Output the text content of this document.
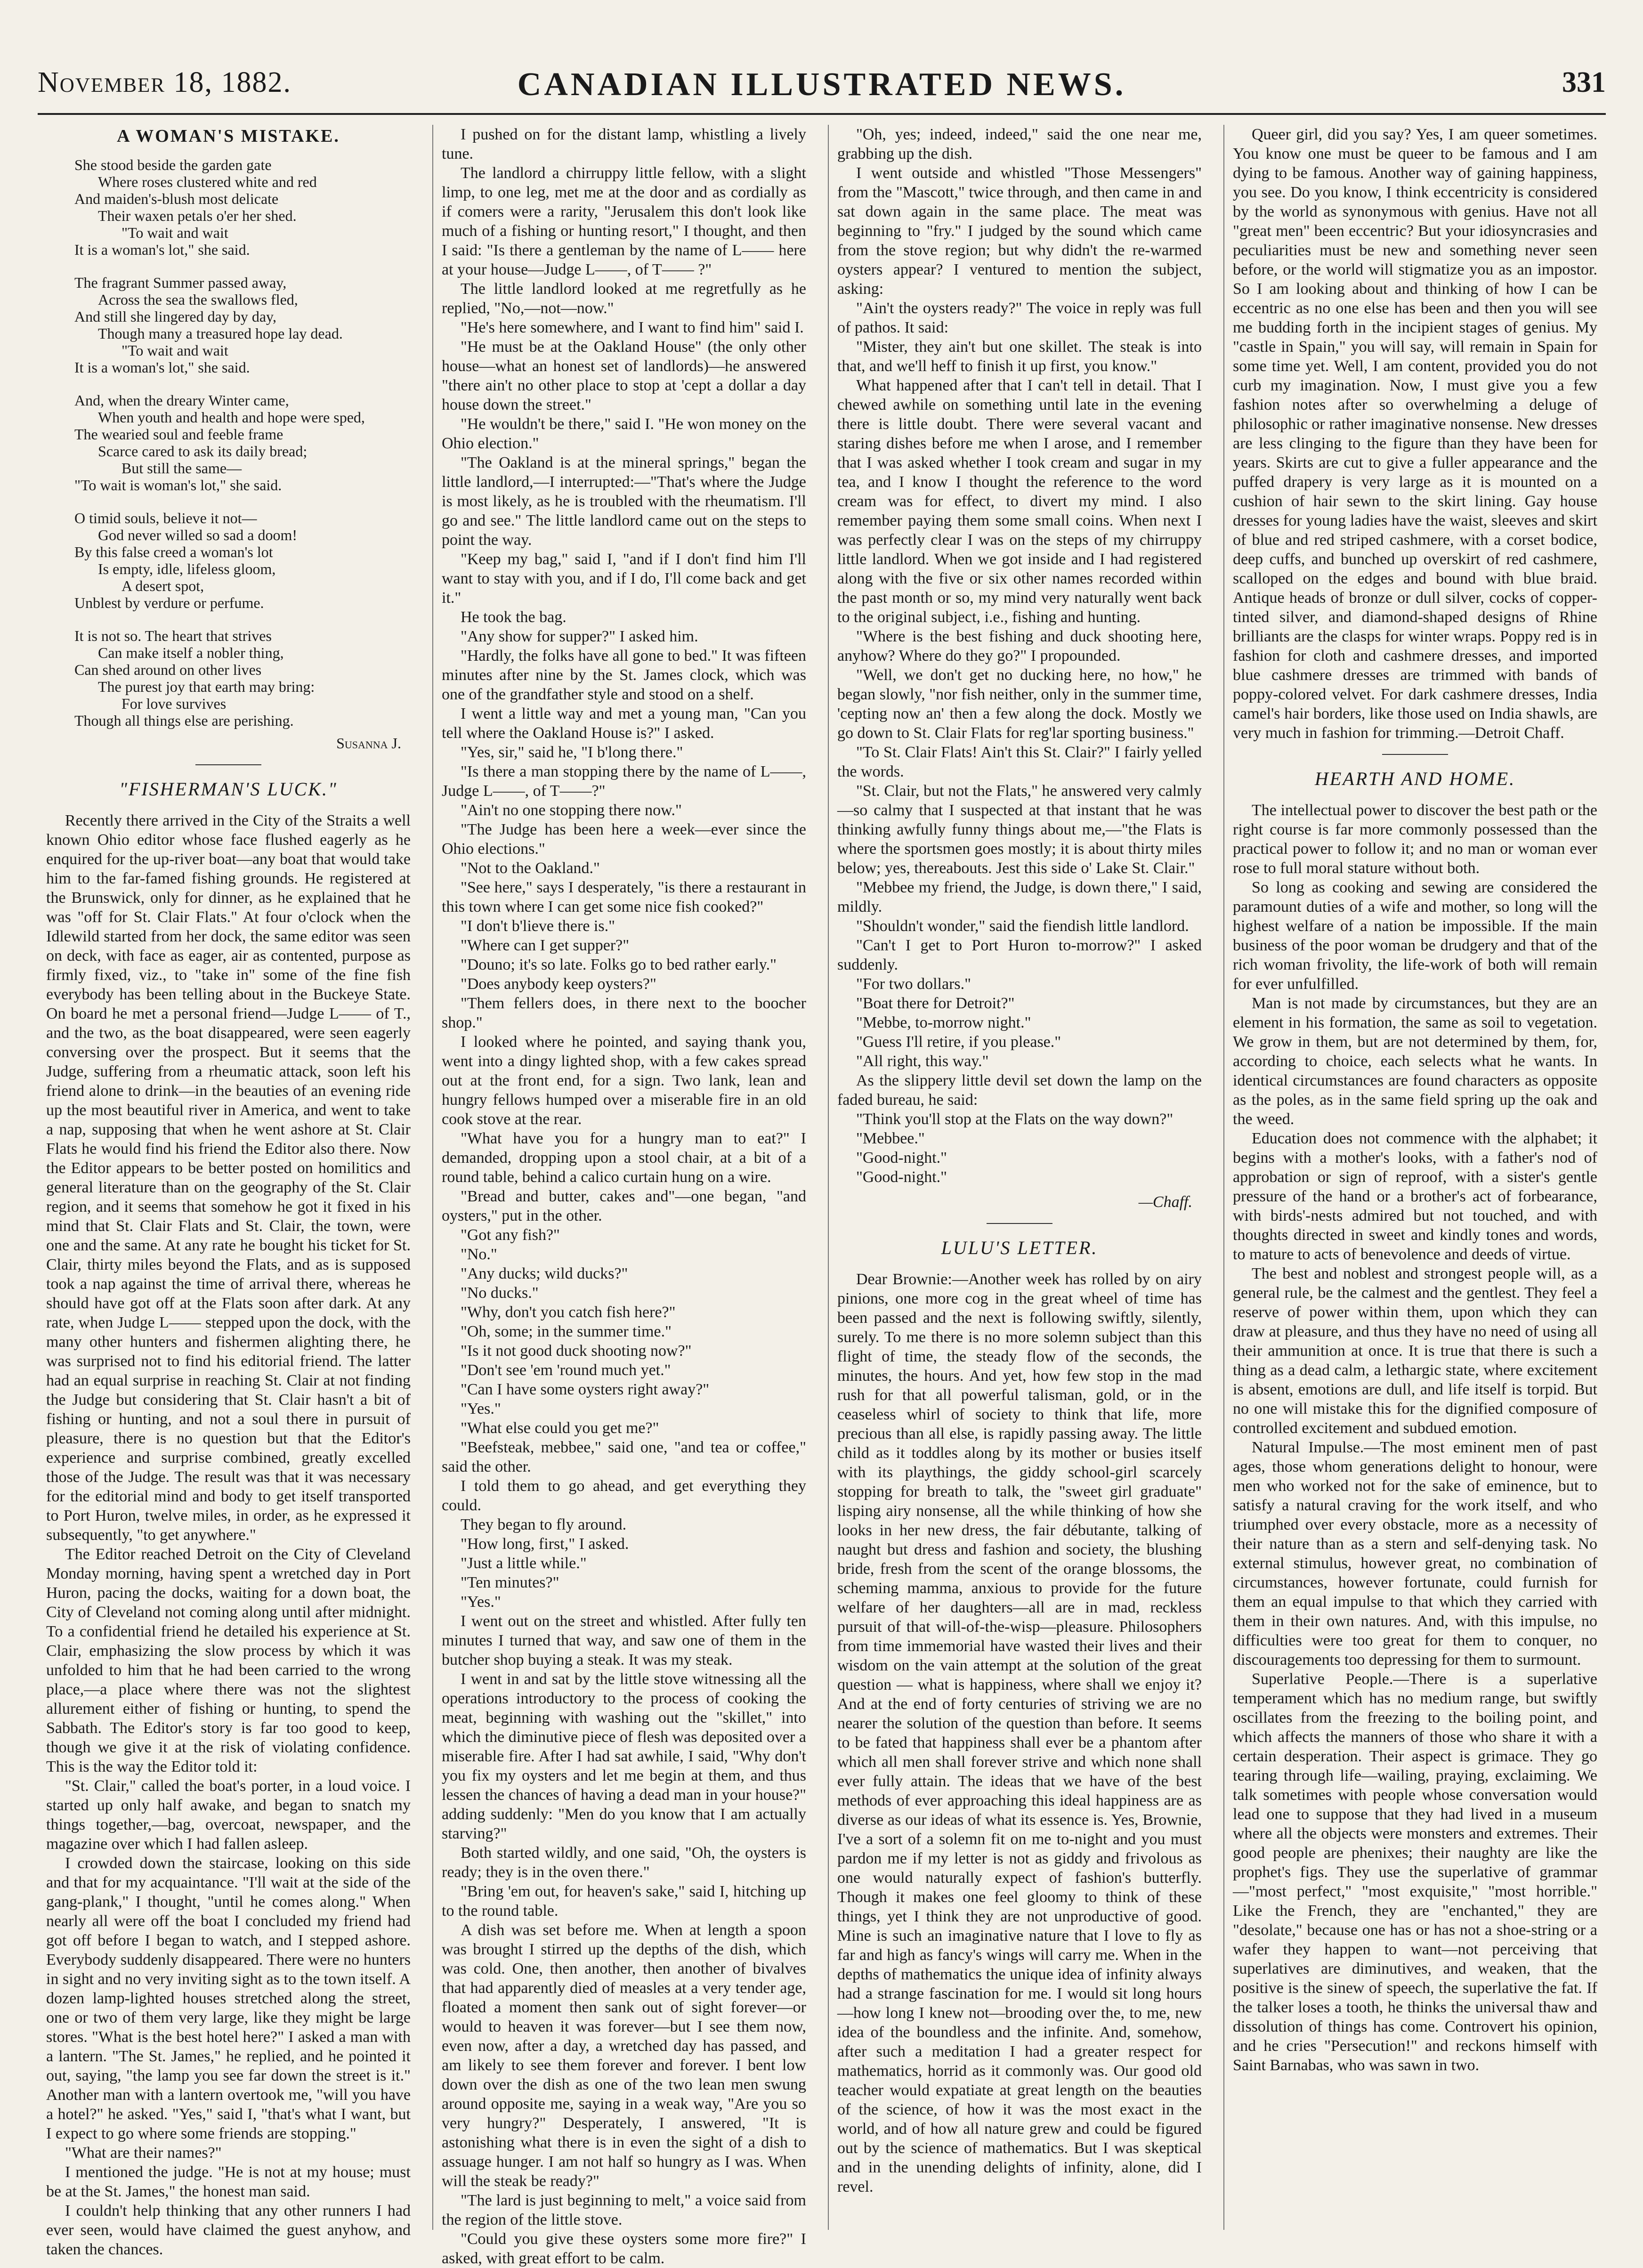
November 18, 1882.	CANADIAN ILLUSTRATED NEWS.	331
A WOMAN'S MISTAKE.
She stood beside the garden gate
Where roses clustered white and red
And maiden's-blush most delicate
Their waxen petals o'er her shed.
"To wait and wait
It is a woman's lot," she said.
The fragrant Summer passed away,
Across the sea the swallows fled,
And still she lingered day by day,
Though many a treasured hope lay dead.
"To wait and wait
It is a woman's lot," she said.
And, when the dreary Winter came,
When youth and health and hope were sped,
The wearied soul and feeble frame
Scarce cared to ask its daily bread;
But still the same—
"To wait is woman's lot," she said.
O timid souls, believe it not—
God never willed so sad a doom!
By this false creed a woman's lot
Is empty, idle, lifeless gloom,
A desert spot,
Unblest by verdure or perfume.
It is not so. The heart that strives
Can make itself a nobler thing,
Can shed around on other lives
The purest joy that earth may bring:
For love survives
Though all things else are perishing.
Susanna J.
"FISHERMAN'S LUCK."

Recently there arrived in the City of the Straits a well known Ohio editor whose face flushed eagerly as he enquired for the up-river boat—any boat that would take him to the far-famed fishing grounds. He registered at the Brunswick, only for dinner, as he explained that he was "off for St. Clair Flats." At four o'clock when the Idlewild started from her dock, the same editor was seen on deck, with face as eager, air as contented, purpose as firmly fixed, viz., to "take in" some of the fine fish everybody has been telling about in the Buckeye State. On board he met a personal friend—Judge L—— of T., and the two, as the boat disappeared, were seen eagerly conversing over the prospect. But it seems that the Judge, suffering from a rheumatic attack, soon left his friend alone to drink—in the beauties of an evening ride up the most beautiful river in America, and went to take a nap, supposing that when he went ashore at St. Clair Flats he would find his friend the Editor also there. Now the Editor appears to be better posted on homilitics and general literature than on the geography of the St. Clair region, and it seems that somehow he got it fixed in his mind that St. Clair Flats and St. Clair, the town, were one and the same. At any rate he bought his ticket for St. Clair, thirty miles beyond the Flats, and as is supposed took a nap against the time of arrival there, whereas he should have got off at the Flats soon after dark. At any rate, when Judge L—— stepped upon the dock, with the many other hunters and fishermen alighting there, he was surprised not to find his editorial friend. The latter had an equal surprise in reaching St. Clair at not finding the Judge but considering that St. Clair hasn't a bit of fishing or hunting, and not a soul there in pursuit of pleasure, there is no question but that the Editor's experience and surprise combined, greatly excelled those of the Judge. The result was that it was necessary for the editorial mind and body to get itself transported to Port Huron, twelve miles, in order, as he expressed it subsequently, "to get anywhere."

The Editor reached Detroit on the City of Cleveland Monday morning, having spent a wretched day in Port Huron, pacing the docks, waiting for a down boat, the City of Cleveland not coming along until after midnight. To a confidential friend he detailed his experience at St. Clair, emphasizing the slow process by which it was unfolded to him that he had been carried to the wrong place,—a place where there was not the slightest allurement either of fishing or hunting, to spend the Sabbath. The Editor's story is far too good to keep, though we give it at the risk of violating confidence. This is the way the Editor told it:

"St. Clair," called the boat's porter, in a loud voice. I started up only half awake, and began to snatch my things together,—bag, overcoat, newspaper, and the magazine over which I had fallen asleep.

I crowded down the staircase, looking on this side and that for my acquaintance. "I'll wait at the side of the gang-plank," I thought, "until he comes along." When nearly all were off the boat I concluded my friend had got off before I began to watch, and I stepped ashore. Everybody suddenly disappeared. There were no hunters in sight and no very inviting sight as to the town itself. A dozen lamp-lighted houses stretched along the street, one or two of them very large, like they might be large stores. "What is the best hotel here?" I asked a man with a lantern. "The St. James," he replied, and he pointed it out, saying, "the lamp you see far down the street is it." Another man with a lantern overtook me, "will you have a hotel?" he asked. "Yes," said I, "that's what I want, but I expect to go where some friends are stopping."

"What are their names?"

I mentioned the judge. "He is not at my house; must be at the St. James," the honest man said.

I couldn't help thinking that any other runners I had ever seen, would have claimed the guest anyhow, and taken the chances.

I pushed on for the distant lamp, whistling a lively tune.

The landlord a chirruppy little fellow, with a slight limp, to one leg, met me at the door and as cordially as if comers were a rarity, "Jerusalem this don't look like much of a fishing or hunting resort," I thought, and then I said: "Is there a gentleman by the name of L—— here at your house—Judge L——, of T—— ?"

The little landlord looked at me regretfully as he replied, "No,—not—now."

"He's here somewhere, and I want to find him" said I.

"He must be at the Oakland House" (the only other house—what an honest set of landlords)—he answered "there ain't no other place to stop at 'cept a dollar a day house down the street."

"He wouldn't be there," said I. "He won money on the Ohio election."

"The Oakland is at the mineral springs," began the little landlord,—I interrupted:—"That's where the Judge is most likely, as he is troubled with the rheumatism. I'll go and see." The little landlord came out on the steps to point the way.

"Keep my bag," said I, "and if I don't find him I'll want to stay with you, and if I do, I'll come back and get it."

He took the bag.

"Any show for supper?" I asked him.

"Hardly, the folks have all gone to bed." It was fifteen minutes after nine by the St. James clock, which was one of the grandfather style and stood on a shelf.

I went a little way and met a young man, "Can you tell where the Oakland House is?" I asked.

"Yes, sir," said he, "I b'long there."

"Is there a man stopping there by the name of L——, Judge L——, of T——?"

"Ain't no one stopping there now."

"The Judge has been here a week—ever since the Ohio elections."

"Not to the Oakland."

"See here," says I desperately, "is there a restaurant in this town where I can get some nice fish cooked?"

"I don't b'lieve there is."

"Where can I get supper?"

"Douno; it's so late. Folks go to bed rather early."

"Does anybody keep oysters?"

"Them fellers does, in there next to the boocher shop."

I looked where he pointed, and saying thank you, went into a dingy lighted shop, with a few cakes spread out at the front end, for a sign. Two lank, lean and hungry fellows humped over a miserable fire in an old cook stove at the rear.

"What have you for a hungry man to eat?" I demanded, dropping upon a stool chair, at a bit of a round table, behind a calico curtain hung on a wire.

"Bread and butter, cakes and"—one began, "and oysters," put in the other.

"Got any fish?"

"No."

"Any ducks; wild ducks?"

"No ducks."

"Why, don't you catch fish here?"

"Oh, some; in the summer time."

"Is it not good duck shooting now?"

"Don't see 'em 'round much yet."

"Can I have some oysters right away?"

"Yes."

"What else could you get me?"

"Beefsteak, mebbee," said one, "and tea or coffee," said the other.

I told them to go ahead, and get everything they could.

They began to fly around.

"How long, first," I asked.

"Just a little while."

"Ten minutes?"

"Yes."

I went out on the street and whistled. After fully ten minutes I turned that way, and saw one of them in the butcher shop buying a steak. It was my steak.

I went in and sat by the little stove witnessing all the operations introductory to the process of cooking the meat, beginning with washing out the "skillet," into which the diminutive piece of flesh was deposited over a miserable fire. After I had sat awhile, I said, "Why don't you fix my oysters and let me begin at them, and thus lessen the chances of having a dead man in your house?" adding suddenly: "Men do you know that I am actually starving?"

Both started wildly, and one said, "Oh, the oysters is ready; they is in the oven there."

"Bring 'em out, for heaven's sake," said I, hitching up to the round table.

A dish was set before me. When at length a spoon was brought I stirred up the depths of the dish, which was cold. One, then another, then another of bivalves that had apparently died of measles at a very tender age, floated a moment then sank out of sight forever—or would to heaven it was forever—but I see them now, even now, after a day, a wretched day has passed, and am likely to see them forever and forever. I bent low down over the dish as one of the two lean men swung around opposite me, saying in a weak way, "Are you so very hungry?" Desperately, I answered, "It is astonishing what there is in even the sight of a dish to assuage hunger. I am not half so hungry as I was. When will the steak be ready?"

"The lard is just beginning to melt," a voice said from the region of the little stove.

"Could you give these oysters some more fire?" I asked, with great effort to be calm.

"Oh, yes; indeed, indeed," said the one near me, grabbing up the dish.

I went outside and whistled "Those Messengers" from the "Mascott," twice through, and then came in and sat down again in the same place. The meat was beginning to "fry." I judged by the sound which came from the stove region; but why didn't the re-warmed oysters appear? I ventured to mention the subject, asking:

"Ain't the oysters ready?" The voice in reply was full of pathos. It said:

"Mister, they ain't but one skillet. The steak is into that, and we'll heff to finish it up first, you know."

What happened after that I can't tell in detail. That I chewed awhile on something until late in the evening there is little doubt. There were several vacant and staring dishes before me when I arose, and I remember that I was asked whether I took cream and sugar in my tea, and I know I thought the reference to the word cream was for effect, to divert my mind. I also remember paying them some small coins. When next I was perfectly clear I was on the steps of my chirruppy little landlord. When we got inside and I had registered along with the five or six other names recorded within the past month or so, my mind very naturally went back to the original subject, i.e., fishing and hunting.

"Where is the best fishing and duck shooting here, anyhow? Where do they go?" I propounded.

"Well, we don't get no ducking here, no how," he began slowly, "nor fish neither, only in the summer time, 'cepting now an' then a few along the dock. Mostly we go down to St. Clair Flats for reg'lar sporting business."

"To St. Clair Flats! Ain't this St. Clair?" I fairly yelled the words.

"St. Clair, but not the Flats," he answered very calmly—so calmy that I suspected at that instant that he was thinking awfully funny things about me,—"the Flats is where the sportsmen goes mostly; it is about thirty miles below; yes, thereabouts. Jest this side o' Lake St. Clair."

"Mebbee my friend, the Judge, is down there," I said, mildly.

"Shouldn't wonder," said the fiendish little landlord.

"Can't I get to Port Huron to-morrow?" I asked suddenly.

"For two dollars."

"Boat there for Detroit?"

"Mebbe, to-morrow night."

"Guess I'll retire, if you please."

"All right, this way."

As the slippery little devil set down the lamp on the faded bureau, he said:

"Think you'll stop at the Flats on the way down?"

"Mebbee."

"Good-night."

"Good-night."

—Chaff.
LULU'S LETTER.

Dear Brownie:—Another week has rolled by on airy pinions, one more cog in the great wheel of time has been passed and the next is following swiftly, silently, surely. To me there is no more solemn subject than this flight of time, the steady flow of the seconds, the minutes, the hours. And yet, how few stop in the mad rush for that all powerful talisman, gold, or in the ceaseless whirl of society to think that life, more precious than all else, is rapidly passing away. The little child as it toddles along by its mother or busies itself with its playthings, the giddy school-girl scarcely stopping for breath to talk, the "sweet girl graduate" lisping airy nonsense, all the while thinking of how she looks in her new dress, the fair débutante, talking of naught but dress and fashion and society, the blushing bride, fresh from the scent of the orange blossoms, the scheming mamma, anxious to provide for the future welfare of her daughters—all are in mad, reckless pursuit of that will-of-the-wisp—pleasure. Philosophers from time immemorial have wasted their lives and their wisdom on the vain attempt at the solution of the great question — what is happiness, where shall we enjoy it? And at the end of forty centuries of striving we are no nearer the solution of the question than before. It seems to be fated that happiness shall ever be a phantom after which all men shall forever strive and which none shall ever fully attain. The ideas that we have of the best methods of ever approaching this ideal happiness are as diverse as our ideas of what its essence is. Yes, Brownie, I've a sort of a solemn fit on me to-night and you must pardon me if my letter is not as giddy and frivolous as one would naturally expect of fashion's butterfly. Though it makes one feel gloomy to think of these things, yet I think they are not unproductive of good. Mine is such an imaginative nature that I love to fly as far and high as fancy's wings will carry me. When in the depths of mathematics the unique idea of infinity always had a strange fascination for me. I would sit long hours—how long I knew not—brooding over the, to me, new idea of the boundless and the infinite. And, somehow, after such a meditation I had a greater respect for mathematics, horrid as it commonly was. Our good old teacher would expatiate at great length on the beauties of the science, of how it was the most exact in the world, and of how all nature grew and could be figured out by the science of mathematics. But I was skeptical and in the unending delights of infinity, alone, did I revel.

Queer girl, did you say? Yes, I am queer sometimes. You know one must be queer to be famous and I am dying to be famous. Another way of gaining happiness, you see. Do you know, I think eccentricity is considered by the world as synonymous with genius. Have not all "great men" been eccentric? But your idiosyncrasies and peculiarities must be new and something never seen before, or the world will stigmatize you as an impostor. So I am looking about and thinking of how I can be eccentric as no one else has been and then you will see me budding forth in the incipient stages of genius. My "castle in Spain," you will say, will remain in Spain for some time yet. Well, I am content, provided you do not curb my imagination. Now, I must give you a few fashion notes after so overwhelming a deluge of philosophic or rather imaginative nonsense. New dresses are less clinging to the figure than they have been for years. Skirts are cut to give a fuller appearance and the puffed drapery is very large as it is mounted on a cushion of hair sewn to the skirt lining. Gay house dresses for young ladies have the waist, sleeves and skirt of blue and red striped cashmere, with a corset bodice, deep cuffs, and bunched up overskirt of red cashmere, scalloped on the edges and bound with blue braid. Antique heads of bronze or dull silver, cocks of copper-tinted silver, and diamond-shaped designs of Rhine brilliants are the clasps for winter wraps. Poppy red is in fashion for cloth and cashmere dresses, and imported blue cashmere dresses are trimmed with bands of poppy-colored velvet. For dark cashmere dresses, India camel's hair borders, like those used on India shawls, are very much in fashion for trimming.—Detroit Chaff.

HEARTH AND HOME.

The intellectual power to discover the best path or the right course is far more commonly possessed than the practical power to follow it; and no man or woman ever rose to full moral stature without both.

So long as cooking and sewing are considered the paramount duties of a wife and mother, so long will the highest welfare of a nation be impossible. If the main business of the poor woman be drudgery and that of the rich woman frivolity, the life-work of both will remain for ever unfulfilled.

Man is not made by circumstances, but they are an element in his formation, the same as soil to vegetation. We grow in them, but are not determined by them, for, according to choice, each selects what he wants. In identical circumstances are found characters as opposite as the poles, as in the same field spring up the oak and the weed.

Education does not commence with the alphabet; it begins with a mother's looks, with a father's nod of approbation or sign of reproof, with a sister's gentle pressure of the hand or a brother's act of forbearance, with birds'-nests admired but not touched, and with thoughts directed in sweet and kindly tones and words, to mature to acts of benevolence and deeds of virtue.

The best and noblest and strongest people will, as a general rule, be the calmest and the gentlest. They feel a reserve of power within them, upon which they can draw at pleasure, and thus they have no need of using all their ammunition at once. It is true that there is such a thing as a dead calm, a lethargic state, where excitement is absent, emotions are dull, and life itself is torpid. But no one will mistake this for the dignified composure of controlled excitement and subdued emotion.

Natural Impulse.—The most eminent men of past ages, those whom generations delight to honour, were men who worked not for the sake of eminence, but to satisfy a natural craving for the work itself, and who triumphed over every obstacle, more as a necessity of their nature than as a stern and self-denying task. No external stimulus, however great, no combination of circumstances, however fortunate, could furnish for them an equal impulse to that which they carried with them in their own natures. And, with this impulse, no difficulties were too great for them to conquer, no discouragements too depressing for them to surmount.

Superlative People.—There is a superlative temperament which has no medium range, but swiftly oscillates from the freezing to the boiling point, and which affects the manners of those who share it with a certain desperation. Their aspect is grimace. They go tearing through life—wailing, praying, exclaiming. We talk sometimes with people whose conversation would lead one to suppose that they had lived in a museum where all the objects were monsters and extremes. Their good people are phenixes; their naughty are like the prophet's figs. They use the superlative of grammar—"most perfect," "most exquisite," "most horrible." Like the French, they are "enchanted," they are "desolate," because one has or has not a shoe-string or a wafer they happen to want—not perceiving that superlatives are diminutives, and weaken, that the positive is the sinew of speech, the superlative the fat. If the talker loses a tooth, he thinks the universal thaw and dissolution of things has come. Controvert his opinion, and he cries "Persecution!" and reckons himself with Saint Barnabas, who was sawn in two.
